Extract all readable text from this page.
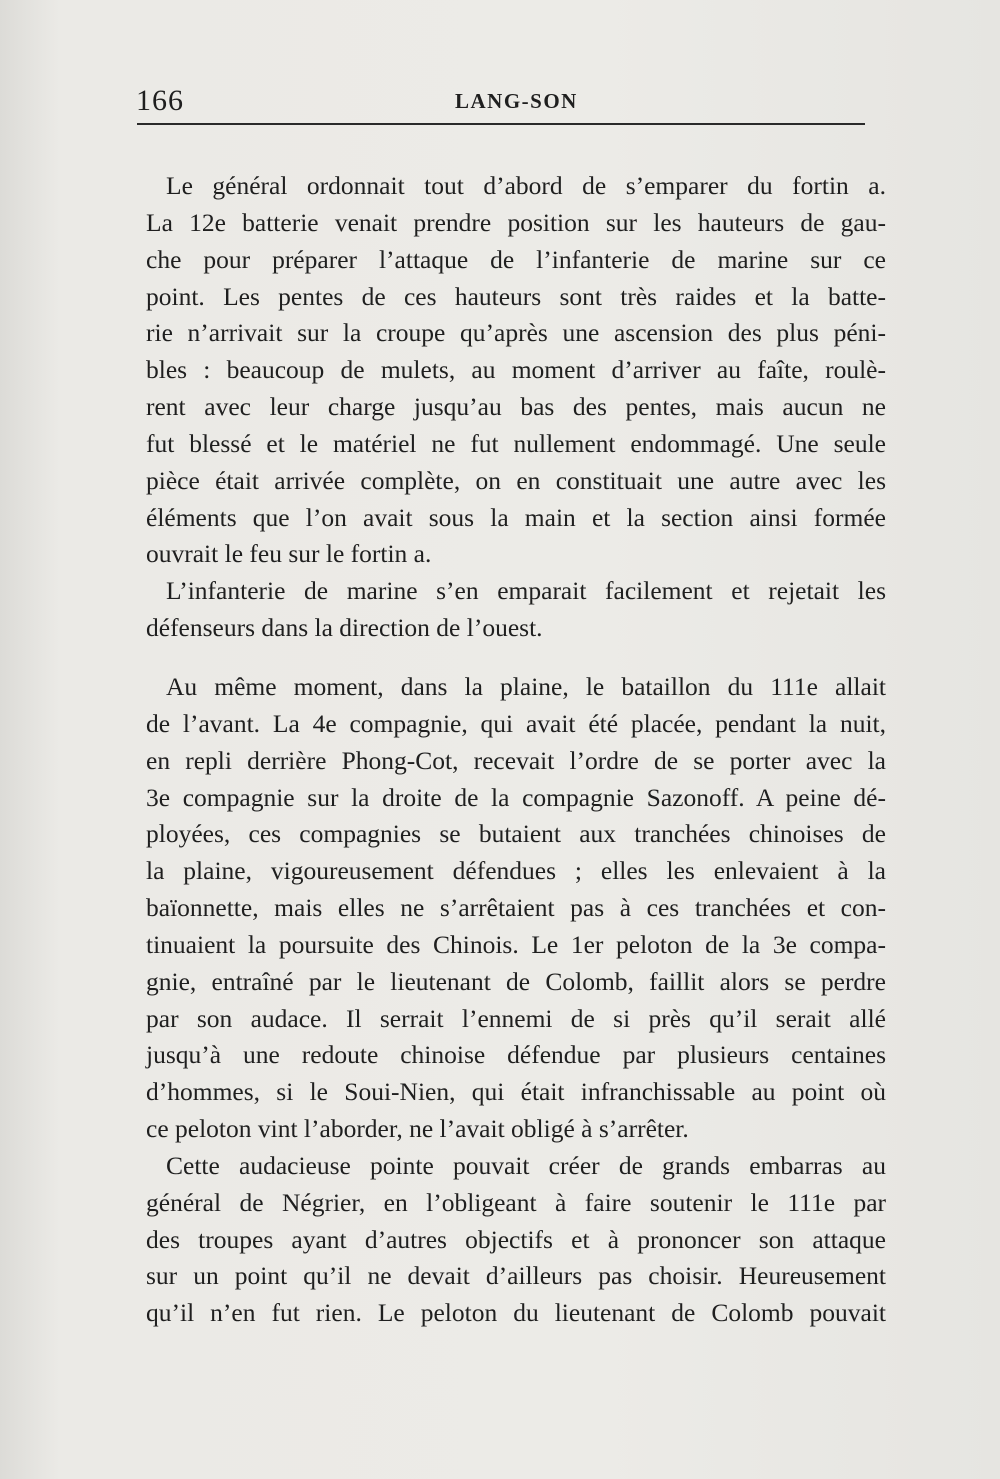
166	LANG-SON
Le général ordonnait tout d’abord de s’emparer du fortin a.
La 12e batterie venait prendre position sur les hauteurs de gau-
che pour préparer l’attaque de l’infanterie de marine sur ce
point. Les pentes de ces hauteurs sont très raides et la batte-
rie n’arrivait sur la croupe qu’après une ascension des plus péni-
bles : beaucoup de mulets, au moment d’arriver au faîte, roulè-
rent avec leur charge jusqu’au bas des pentes, mais aucun ne
fut blessé et le matériel ne fut nullement endommagé. Une seule
pièce était arrivée complète, on en constituait une autre avec les
éléments que l’on avait sous la main et la section ainsi formée
ouvrait le feu sur le fortin a.
L’infanterie de marine s’en emparait facilement et rejetait les
défenseurs dans la direction de l’ouest.
Au même moment, dans la plaine, le bataillon du 111e allait
de l’avant. La 4e compagnie, qui avait été placée, pendant la nuit,
en repli derrière Phong-Cot, recevait l’ordre de se porter avec la
3e compagnie sur la droite de la compagnie Sazonoff. A peine dé-
ployées, ces compagnies se butaient aux tranchées chinoises de
la plaine, vigoureusement défendues ; elles les enlevaient à la
baïonnette, mais elles ne s’arrêtaient pas à ces tranchées et con-
tinuaient la poursuite des Chinois. Le 1er peloton de la 3e compa-
gnie, entraîné par le lieutenant de Colomb, faillit alors se perdre
par son audace. Il serrait l’ennemi de si près qu’il serait allé
jusqu’à une redoute chinoise défendue par plusieurs centaines
d’hommes, si le Soui-Nien, qui était infranchissable au point où
ce peloton vint l’aborder, ne l’avait obligé à s’arrêter.
Cette audacieuse pointe pouvait créer de grands embarras au
général de Négrier, en l’obligeant à faire soutenir le 111e par
des troupes ayant d’autres objectifs et à prononcer son attaque
sur un point qu’il ne devait d’ailleurs pas choisir. Heureusement
qu’il n’en fut rien. Le peloton du lieutenant de Colomb pouvait
